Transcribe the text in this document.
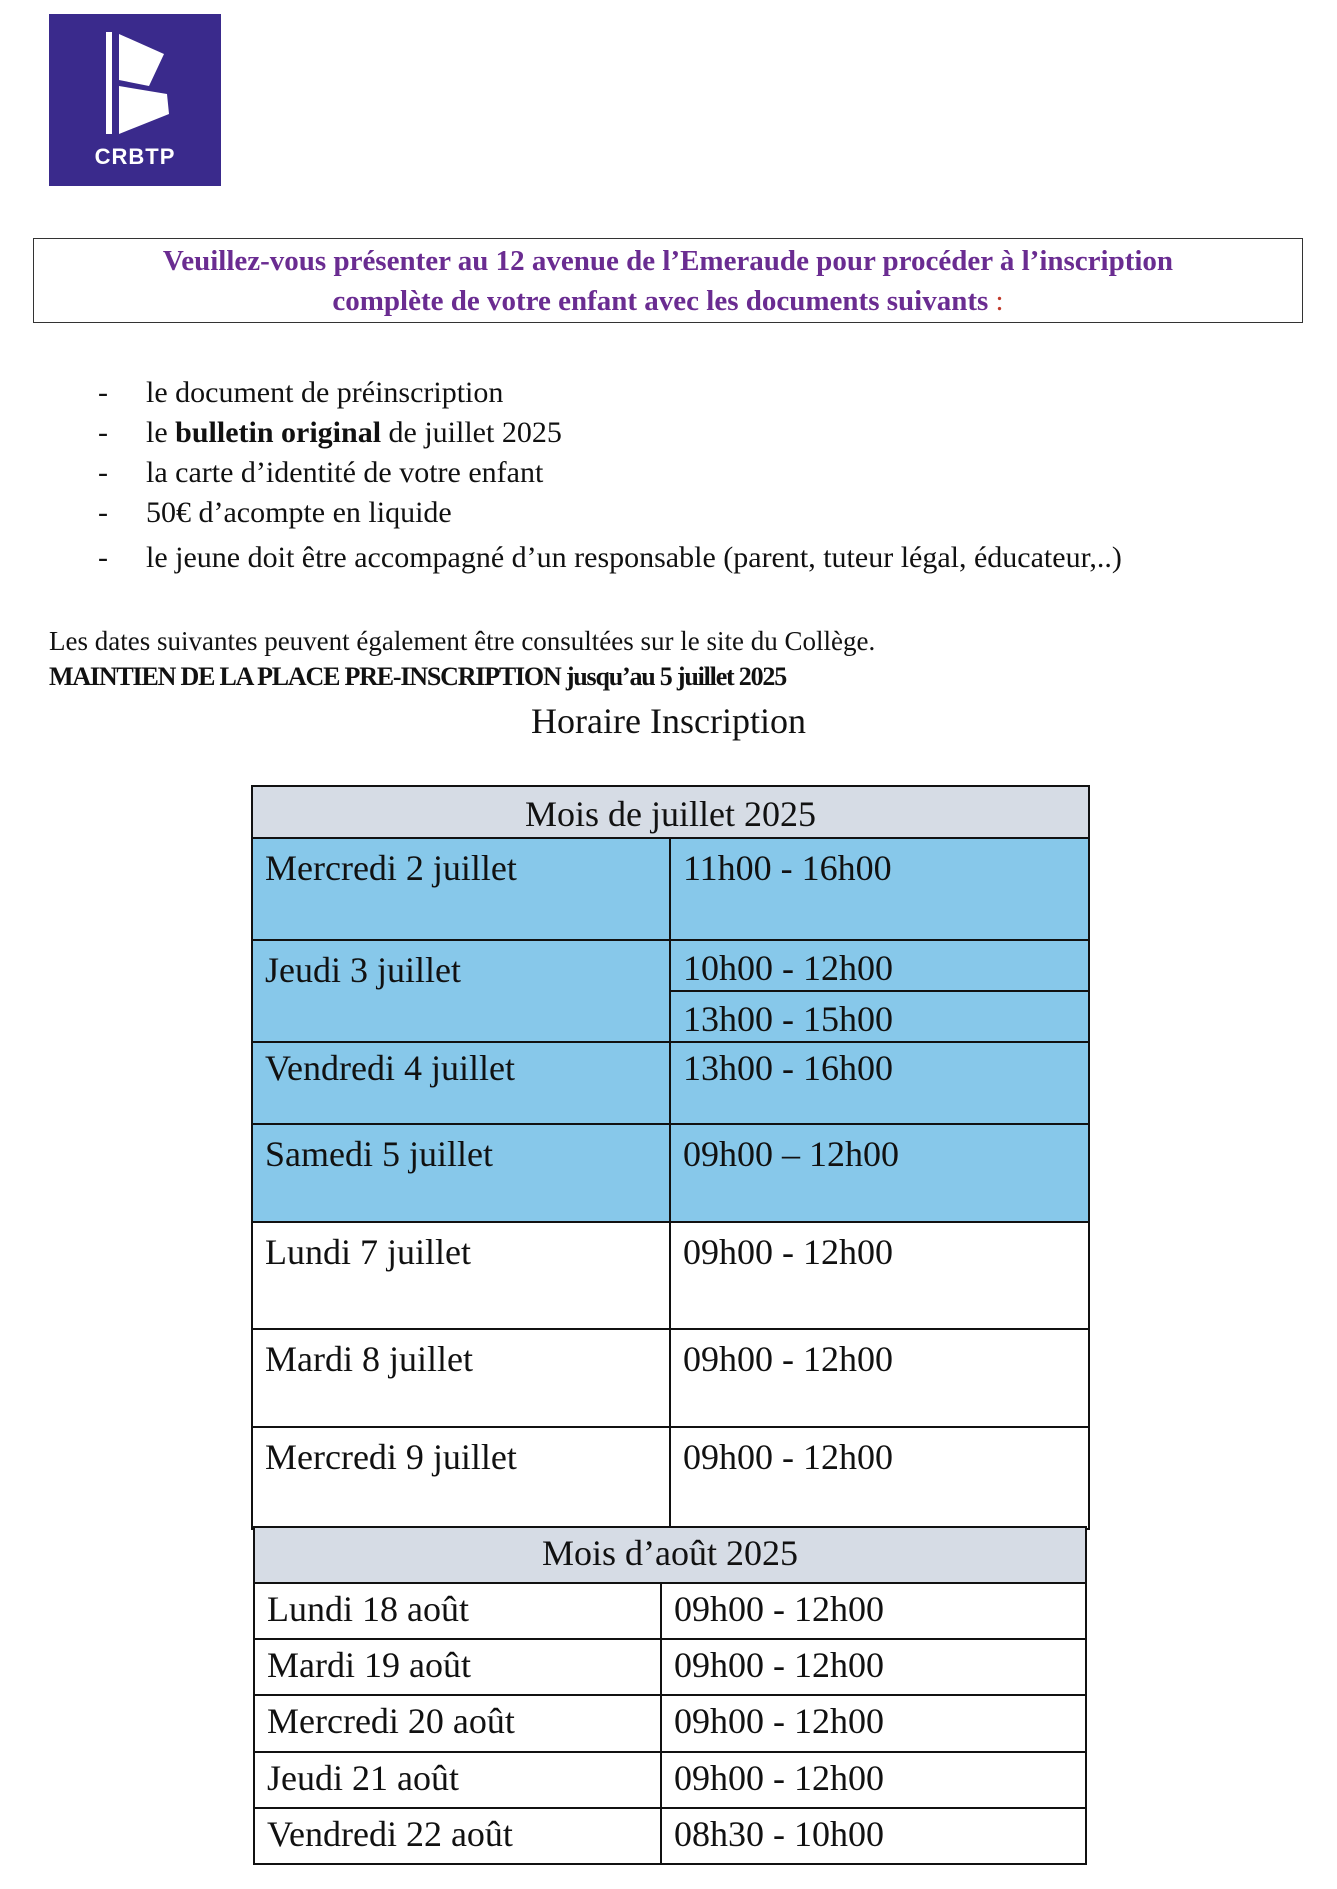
CRBTP
Veuillez-vous présenter au 12 avenue de l’Emeraude pour procéder à l’inscription
complète de votre enfant avec les documents suivants :
- le document de préinscription
- le bulletin original de juillet 2025
- la carte d’identité de votre enfant
- 50€ d’acompte en liquide
- le jeune doit être accompagné d’un responsable (parent, tuteur légal, éducateur,..)
Les dates suivantes peuvent également être consultées sur le site du Collège.
MAINTIEN DE LA PLACE PRE-INSCRIPTION jusqu’au 5 juillet 2025
Horaire Inscription
Mois de juillet 2025	
Mercredi 2 juillet	11h00 - 16h00
Jeudi 3 juillet	10h00 - 12h00
	13h00 - 15h00
Vendredi 4 juillet	13h00 - 16h00
Samedi 5 juillet	09h00 – 12h00
Lundi 7 juillet	09h00 - 12h00
Mardi 8 juillet	09h00 - 12h00
Mercredi 9 juillet	09h00 - 12h00
Mois d’août 2025	
Lundi 18 août	09h00 - 12h00
Mardi 19 août	09h00 - 12h00
Mercredi 20 août	09h00 - 12h00
Jeudi 21 août	09h00 - 12h00
Vendredi 22 août	08h30 - 10h00
